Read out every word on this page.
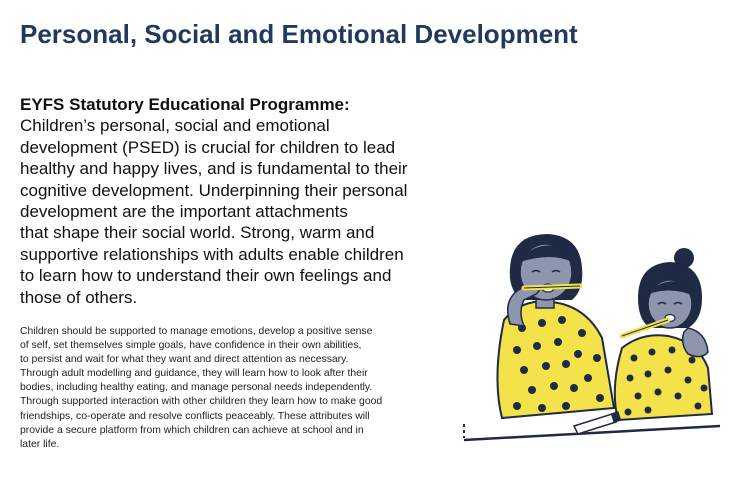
Personal, Social and Emotional Development
EYFS Statutory Educational Programme:
Children’s personal, social and emotional
development (PSED) is crucial for children to lead
healthy and happy lives, and is fundamental to their
cognitive development. Underpinning their personal
development are the important attachments
that shape their social world. Strong, warm and
supportive relationships with adults enable children
to learn how to understand their own feelings and
those of others.
Children should be supported to manage emotions, develop a positive sense
of self, set themselves simple goals, have confidence in their own abilities,
to persist and wait for what they want and direct attention as necessary.
Through adult modelling and guidance, they will learn how to look after their
bodies, including healthy eating, and manage personal needs independently.
Through supported interaction with other children they learn how to make good
friendships, co-operate and resolve conflicts peaceably. These attributes will
provide a secure platform from which children can achieve at school and in
later life.
